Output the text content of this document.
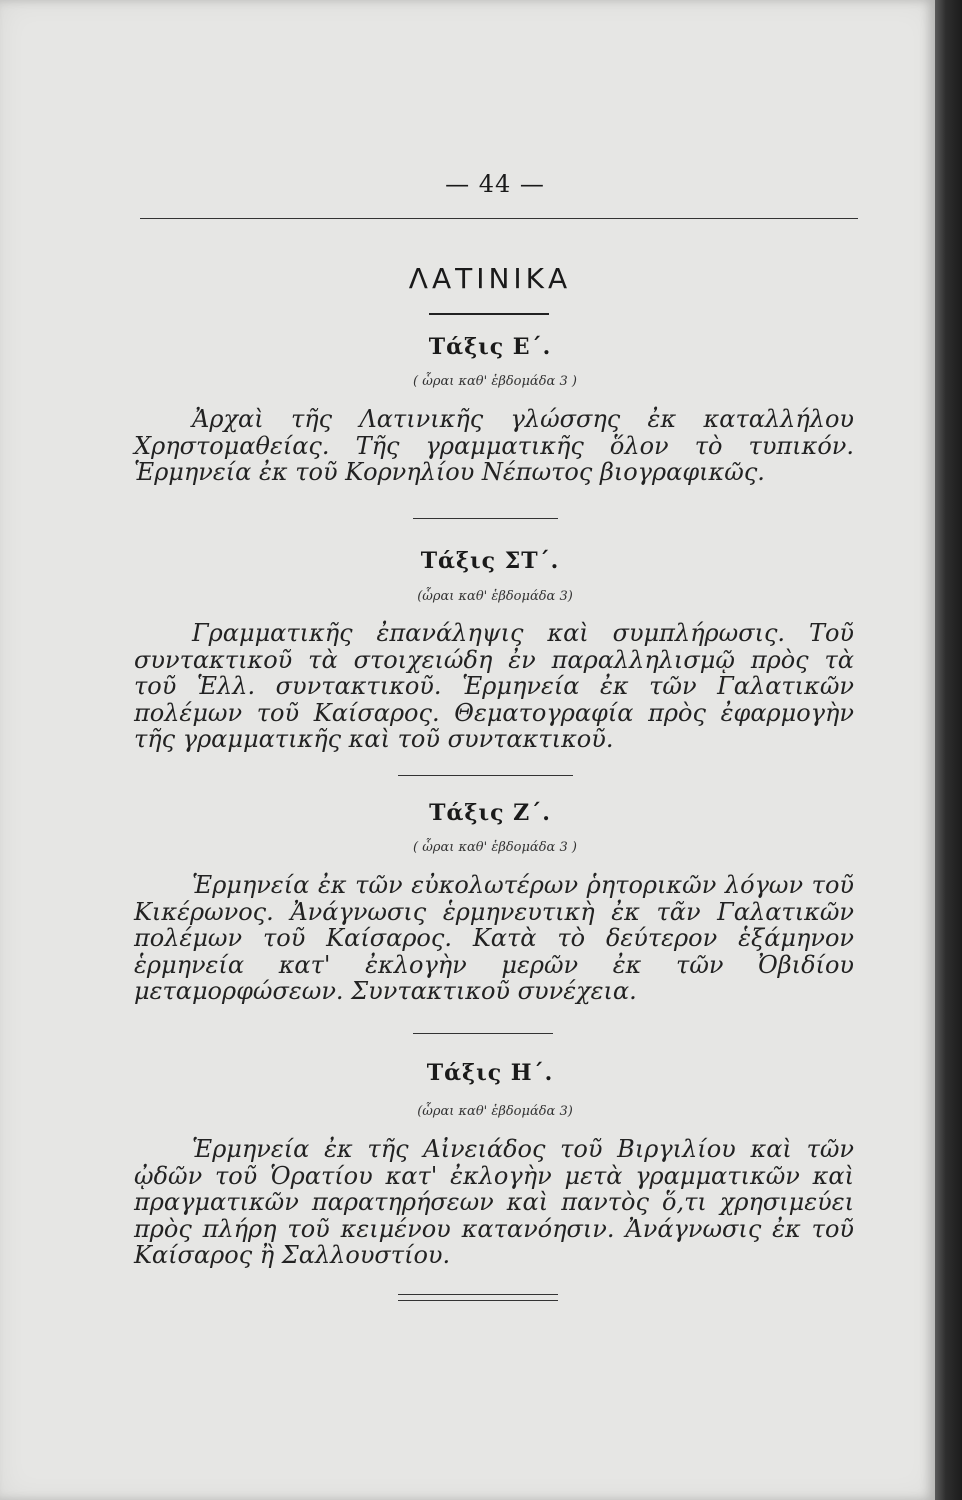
— 44 —
ΛΑΤΙΝΙΚΑ
Τάξις Ε΄.
( ὧραι καθ' ἑβδομάδα 3 )
Ἀρχαὶ τῆς Λατινικῆς γλώσσης ἐκ καταλλήλου Χρηστομαθείας. Τῆς γραμματικῆς ὅλον τὸ τυπικόν. Ἑρμηνεία ἐκ τοῦ Κορνηλίου Νέπωτος βιογραφικῶς.
Τάξις ΣΤ΄.
(ὧραι καθ' ἑβδομάδα 3)
Γραμματικῆς ἐπανάληψις καὶ συμπλήρωσις. Τοῦ συντακτικοῦ τὰ στοιχειώδη ἐν παραλληλισμῷ πρὸς τὰ τοῦ Ἑλλ. συντακτικοῦ. Ἑρμηνεία ἐκ τῶν Γαλατικῶν πολέμων τοῦ Καίσαρος. Θεματογραφία πρὸς ἐφαρμογὴν τῆς γραμματικῆς καὶ τοῦ συντακτικοῦ.
Τάξις Ζ΄.
( ὧραι καθ' ἑβδομάδα 3 )
Ἑρμηνεία ἐκ τῶν εὐκολωτέρων ῥητορικῶν λόγων τοῦ Κικέρωνος. Ἀνάγνωσις ἑρμηνευτικὴ ἐκ τᾶν Γαλατικῶν πολέμων τοῦ Καίσαρος. Κατὰ τὸ δεύτερον ἑξάμηνον ἑρμηνεία κατ' ἐκλογὴν μερῶν ἐκ τῶν Ὀβιδίου μεταμορφώσεων. Συντακτικοῦ συνέχεια.
Τάξις Η΄.
(ὧραι καθ' ἑβδομάδα 3)
Ἑρμηνεία ἐκ τῆς Αἰνειάδος τοῦ Βιργιλίου καὶ τῶν ᾠδῶν τοῦ Ὁρατίου κατ' ἐκλογὴν μετὰ γραμματικῶν καὶ πραγματικῶν παρατηρήσεων καὶ παντὸς ὅ,τι χρησιμεύει πρὸς πλήρη τοῦ κειμένου κατανόησιν. Ἀνάγνωσις ἐκ τοῦ Καίσαρος ἢ Σαλλουστίου.
